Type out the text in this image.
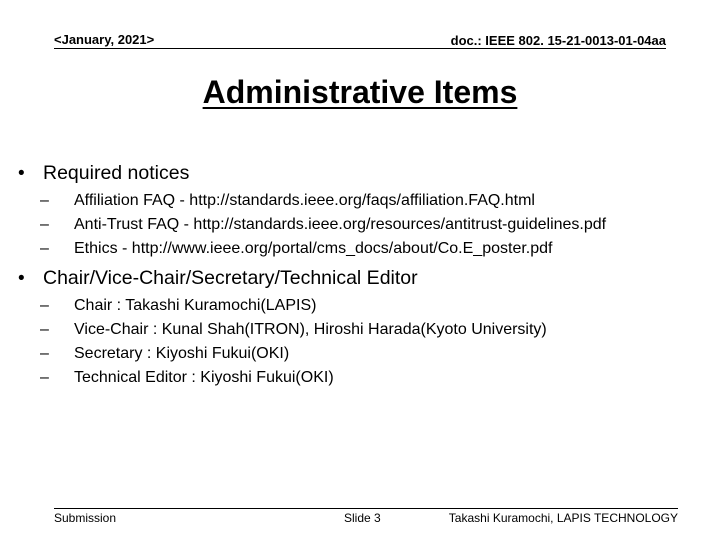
<January, 2021>	doc.: IEEE 802. 15-21-0013-01-04aa
Administrative Items
• Required notices
–	Affiliation FAQ - http://standards.ieee.org/faqs/affiliation.FAQ.html
–	Anti-Trust FAQ - http://standards.ieee.org/resources/antitrust-guidelines.pdf
–	Ethics - http://www.ieee.org/portal/cms_docs/about/Co.E_poster.pdf
• Chair/Vice-Chair/Secretary/Technical Editor
–	Chair : Takashi Kuramochi(LAPIS)
–	Vice-Chair : Kunal Shah(ITRON), Hiroshi Harada(Kyoto University)
–	Secretary : Kiyoshi Fukui(OKI)
–	Technical Editor : Kiyoshi Fukui(OKI)
Submission	Slide 3	Takashi Kuramochi, LAPIS TECHNOLOGY
